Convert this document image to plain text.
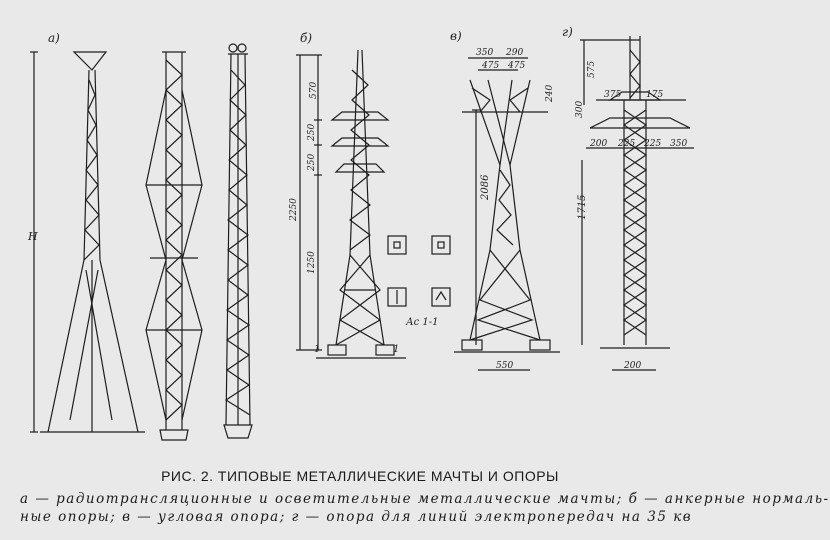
а)
Н
б)
570
250
250
2250
1250
1	1
Ас 1-1
в)
350 290
475 475
240
2086
550
г)
575
300
375	175
200 225 225 350
1715
200

РИС. 2. ТИПОВЫЕ МЕТАЛЛИЧЕСКИЕ МАЧТЫ И ОПОРЫ

а — радиотрансляционные и осветительные металлические мачты; б — анкерные нормаль-

ные опоры; в — угловая опора; г — опора для линий электропередач на 35 кв
